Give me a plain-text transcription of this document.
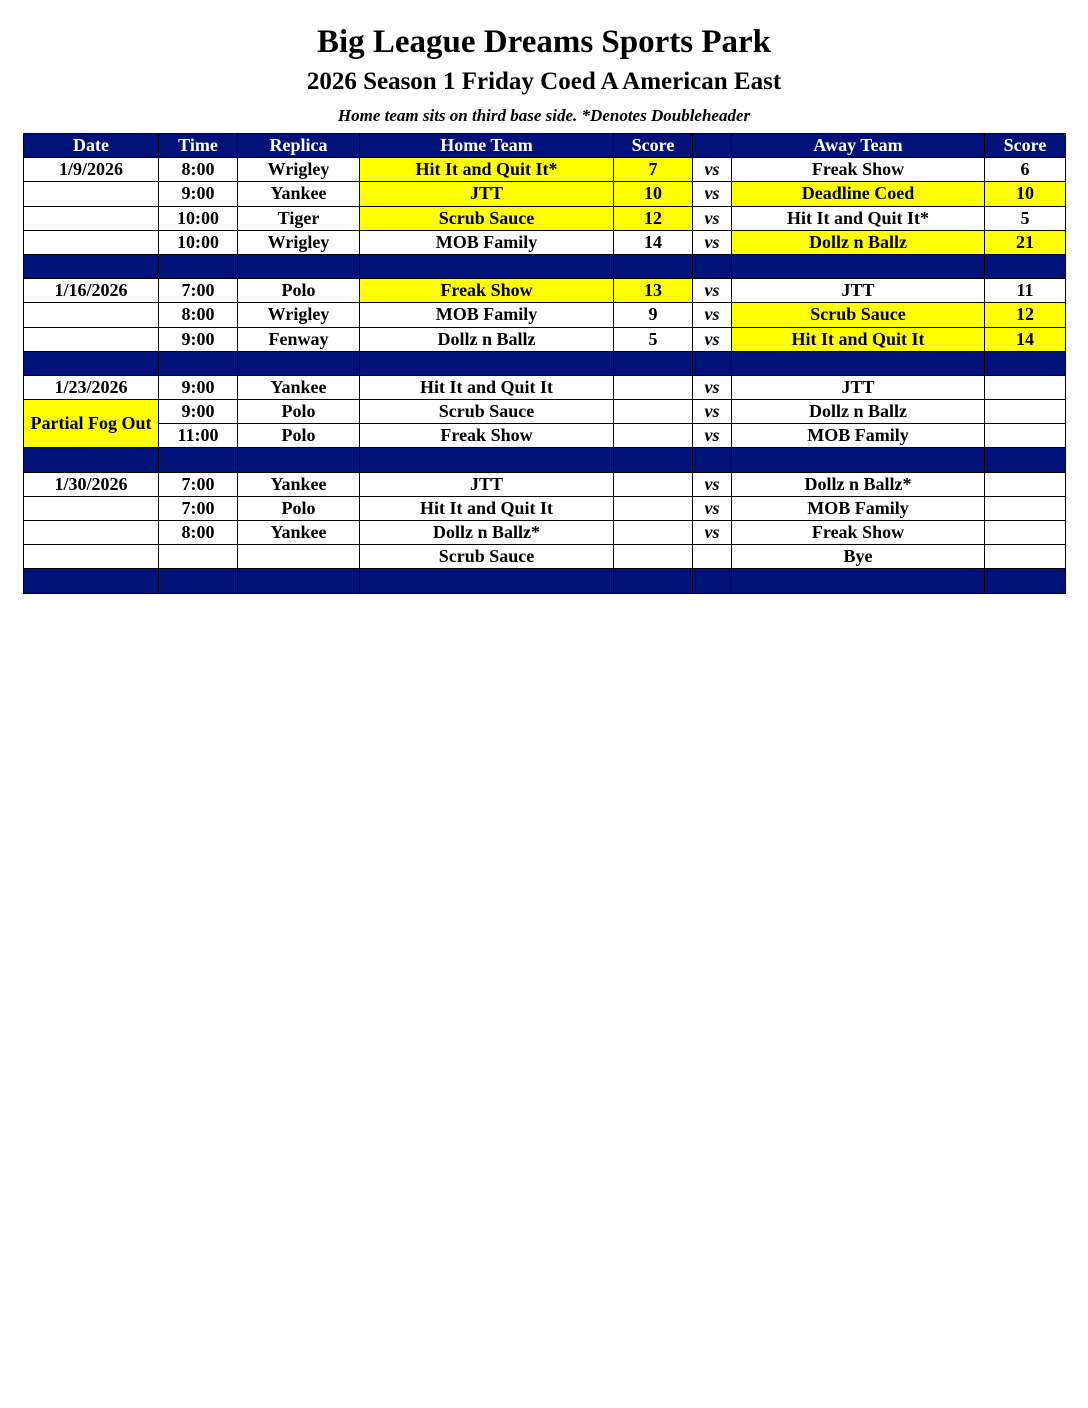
Big League Dreams Sports Park
2026 Season 1 Friday Coed A American East
Home team sits on third base side. *Denotes Doubleheader
Date	Time	Replica	Home Team	Score		Away Team	Score
1/9/2026	8:00	Wrigley	Hit It and Quit It*	7	vs	Freak Show	6
	9:00	Yankee	JTT	10	vs	Deadline Coed	10
	10:00	Tiger	Scrub Sauce	12	vs	Hit It and Quit It*	5
	10:00	Wrigley	MOB Family	14	vs	Dollz n Ballz	21

1/16/2026	7:00	Polo	Freak Show	13	vs	JTT	11
	8:00	Wrigley	MOB Family	9	vs	Scrub Sauce	12
	9:00	Fenway	Dollz n Ballz	5	vs	Hit It and Quit It	14

1/23/2026	9:00	Yankee	Hit It and Quit It		vs	JTT	
Partial Fog Out	9:00	Polo	Scrub Sauce		vs	Dollz n Ballz	
	11:00	Polo	Freak Show		vs	MOB Family	

1/30/2026	7:00	Yankee	JTT		vs	Dollz n Ballz*	
	7:00	Polo	Hit It and Quit It		vs	MOB Family	
	8:00	Yankee	Dollz n Ballz*		vs	Freak Show	
			Scrub Sauce			Bye	
